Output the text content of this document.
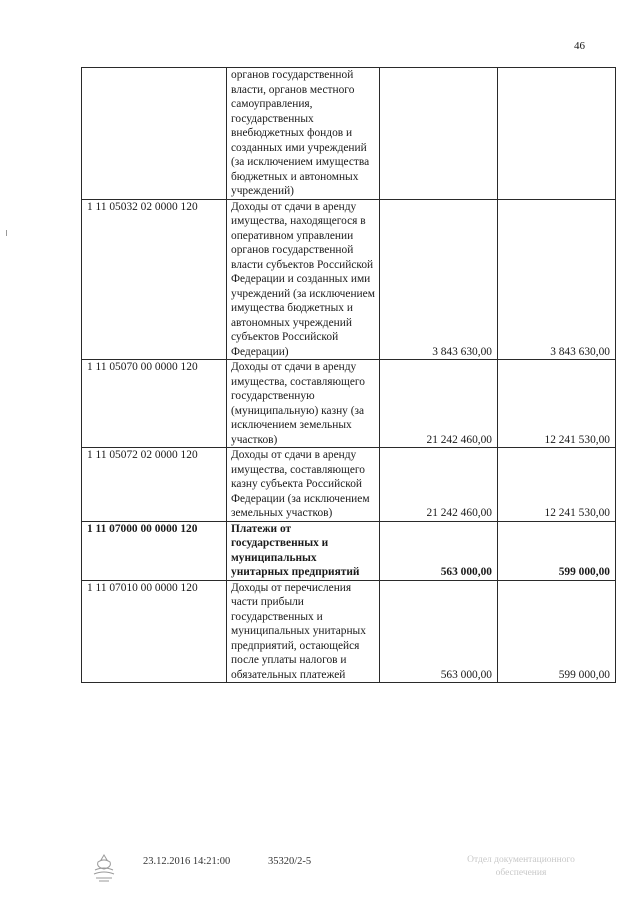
46
	органов государственной власти, органов местного самоуправления, государственных внебюджетных фондов и созданных ими учреждений (за исключением имущества бюджетных и автономных учреждений)		
1 11 05032 02 0000 120	Доходы от сдачи в аренду имущества, находящегося в оперативном управлении органов государственной власти субъектов Российской Федерации и созданных ими учреждений (за исключением имущества бюджетных и автономных учреждений субъектов Российской Федерации)	3 843 630,00	3 843 630,00
1 11 05070 00 0000 120	Доходы от сдачи в аренду имущества, составляющего государственную (муниципальную) казну (за исключением земельных участков)	21 242 460,00	12 241 530,00
1 11 05072 02 0000 120	Доходы от сдачи в аренду имущества, составляющего казну субъекта Российской Федерации (за исключением земельных участков)	21 242 460,00	12 241 530,00
1 11 07000 00 0000 120	Платежи от государственных и муниципальных унитарных предприятий	563 000,00	599 000,00
1 11 07010 00 0000 120	Доходы от перечисления части прибыли государственных и муниципальных унитарных предприятий, остающейся после уплаты налогов и обязательных платежей	563 000,00	599 000,00
23.12.2016 14:21:00	35320/2-5	Отдел документационного обеспечения
